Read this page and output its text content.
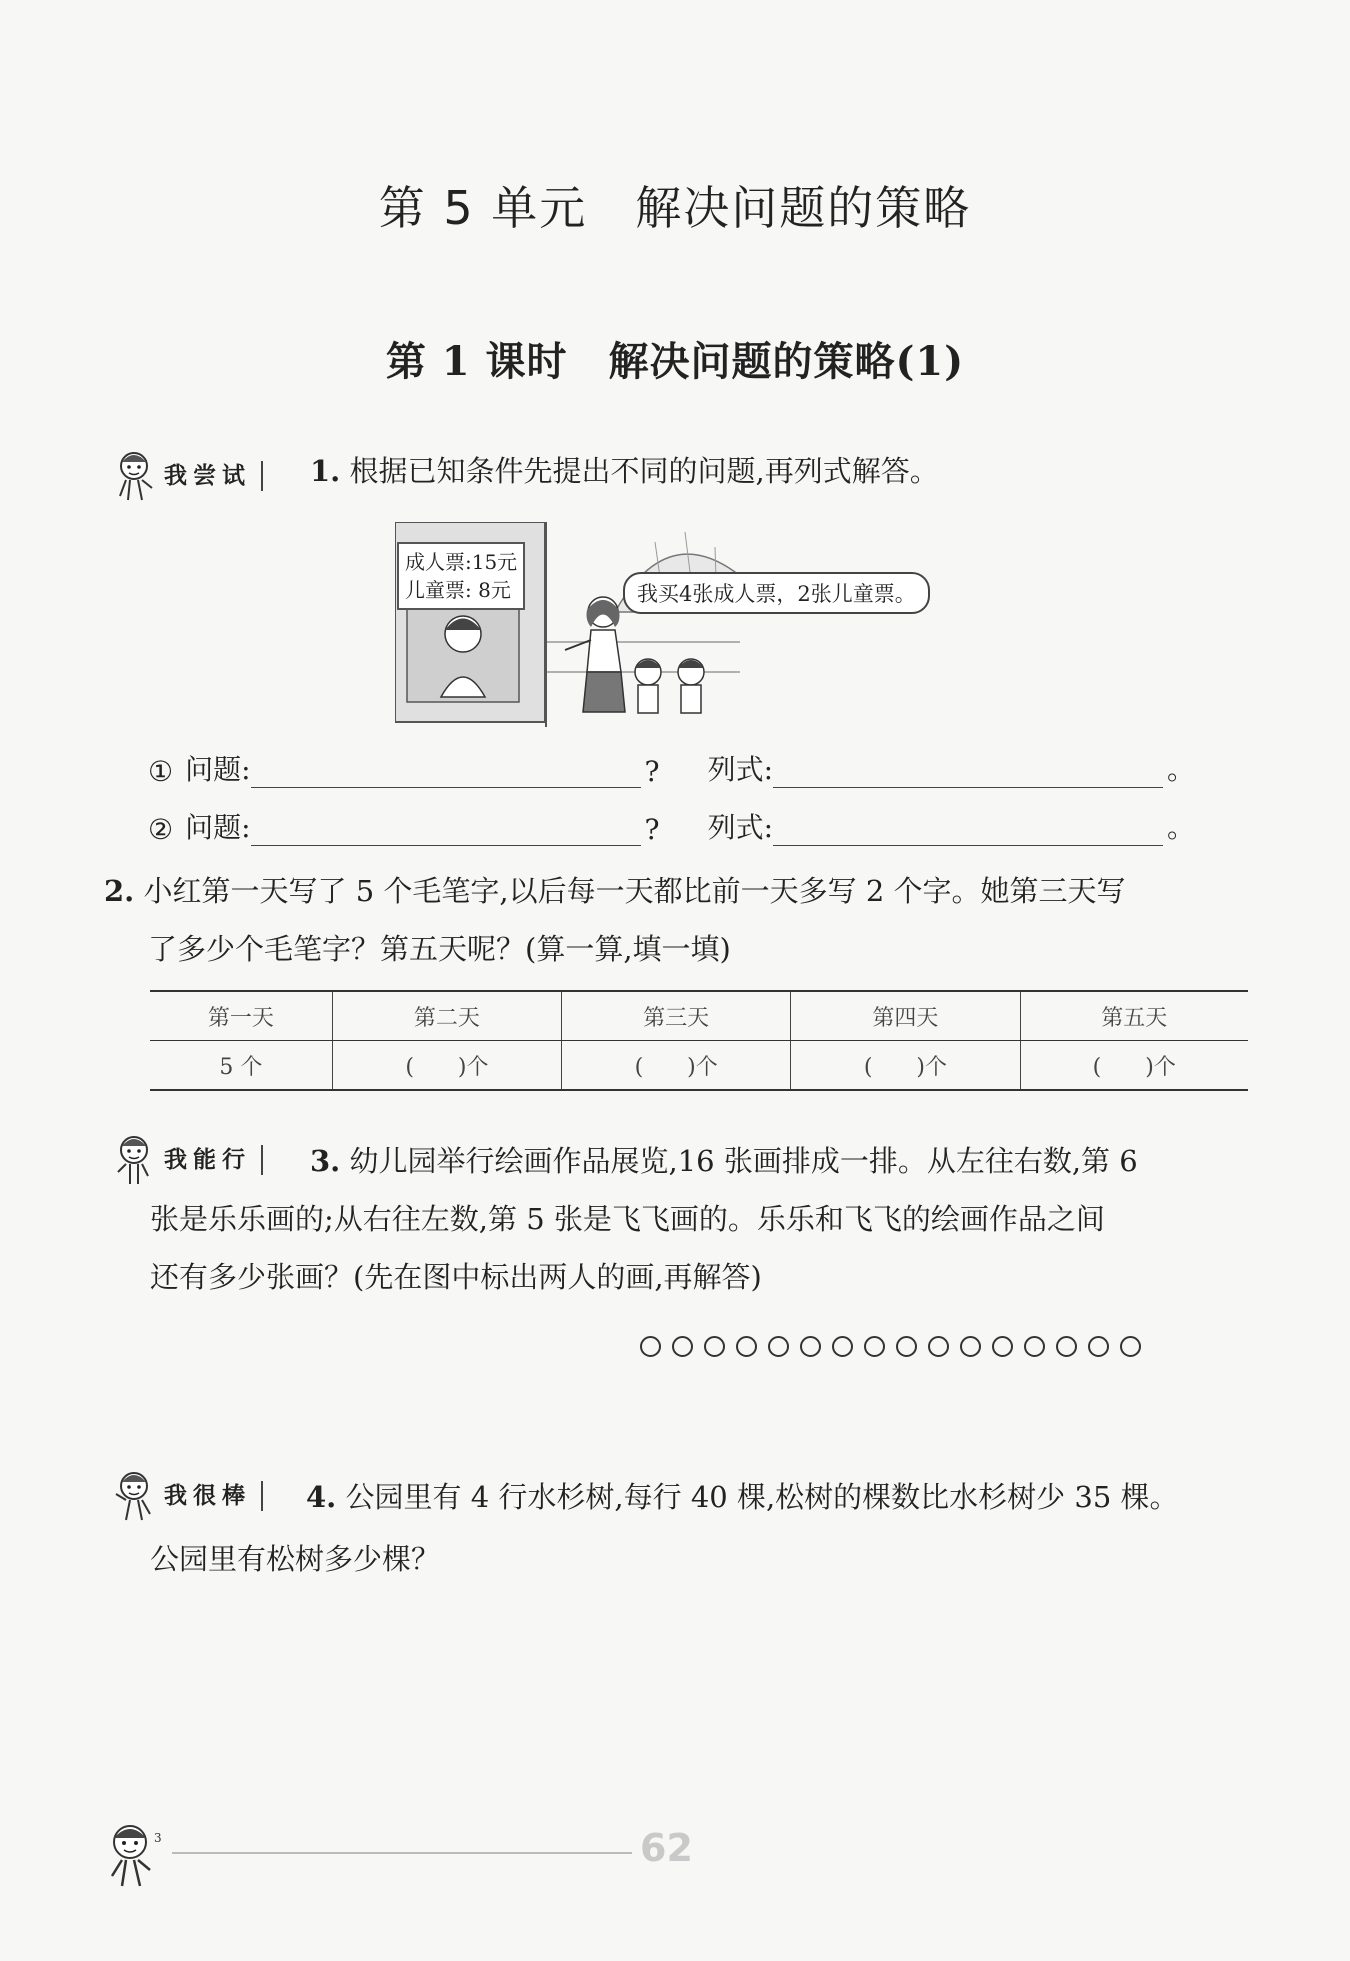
第 5 单元　解决问题的策略
第 1 课时　解决问题的策略(1)
我尝试	1. 根据已知条件先提出不同的问题,再列式解答。
成人票:15元
儿童票: 8元	我买4张成人票，2张儿童票。
① 问题:	? 列式:	。
② 问题:	? 列式:	。
2. 小红第一天写了 5 个毛笔字,以后每一天都比前一天多写 2 个字。她第三天写
了多少个毛笔字？第五天呢？(算一算,填一填)
第一天	第二天	第三天	第四天	第五天
5 个	(　　)个	(　　)个	(　　)个	(　　)个
我能行	3. 幼儿园举行绘画作品展览,16 张画排成一排。从左往右数,第 6
张是乐乐画的;从右往左数,第 5 张是飞飞画的。乐乐和飞飞的绘画作品之间
还有多少张画？(先在图中标出两人的画,再解答)
我很棒	4. 公园里有 4 行水杉树,每行 40 棵,松树的棵数比水杉树少 35 棵。
公园里有松树多少棵？
3	62
